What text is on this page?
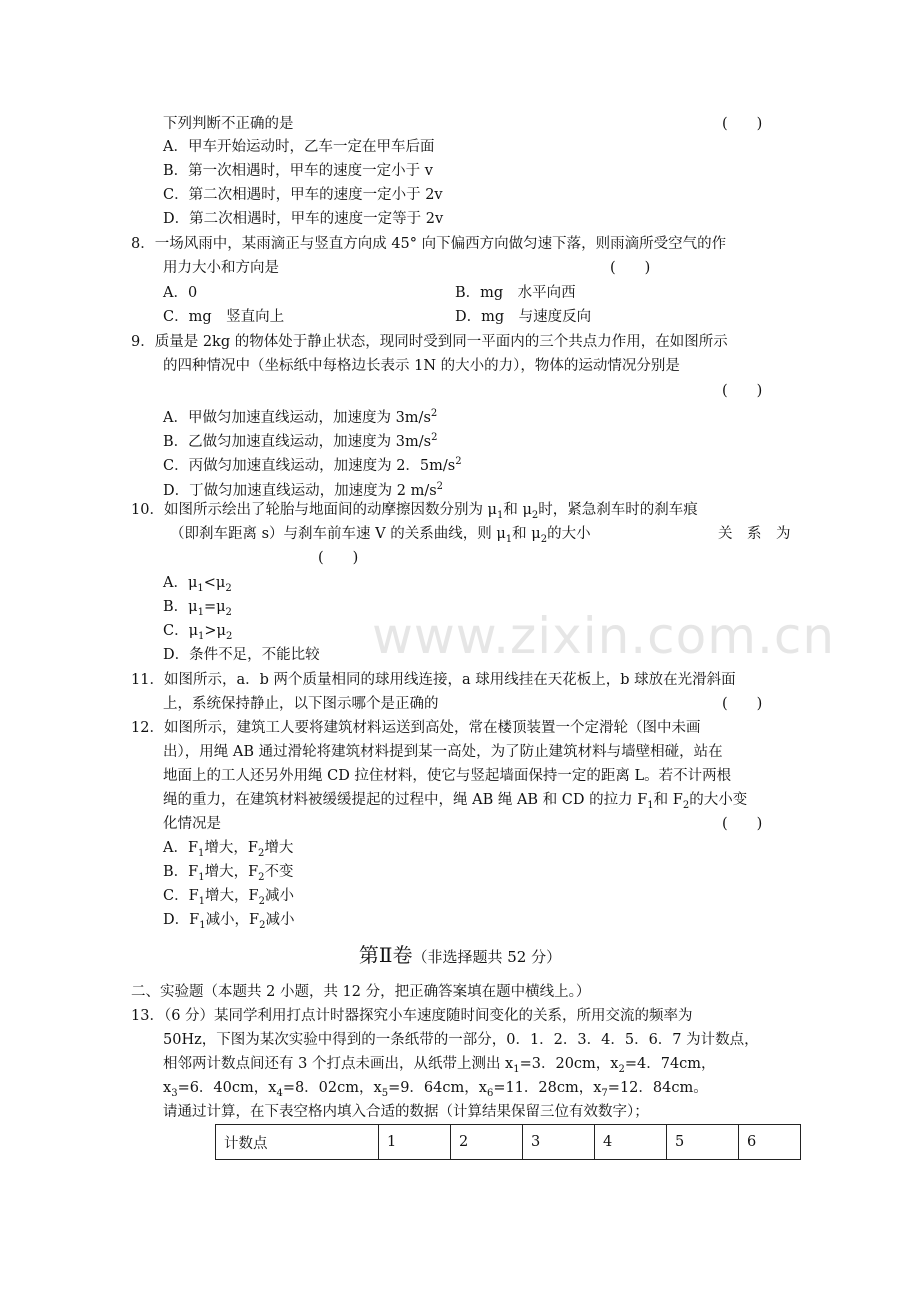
www.zixin.com.cn
下列判断不正确的是	(　　)
A．甲车开始运动时，乙车一定在甲车后面
B．第一次相遇时，甲车的速度一定小于 v
C．第二次相遇时，甲车的速度一定小于 2v
D．第二次相遇时，甲车的速度一定等于 2v
8．一场风雨中，某雨滴正与竖直方向成 45° 向下偏西方向做匀速下落，则雨滴所受空气的作
用力大小和方向是	(　　)
A．0	B．mg　水平向西
C．mg　竖直向上	D．mg　与速度反向
9．质量是 2kg 的物体处于静止状态，现同时受到同一平面内的三个共点力作用，在如图所示
的四种情况中（坐标纸中每格边长表示 1N 的大小的力），物体的运动情况分别是
(　　)
A．甲做匀加速直线运动，加速度为 $3m/s^2$
B．乙做匀加速直线运动，加速度为 $3m/s^2$
C．丙做匀加速直线运动，加速度为 2．$5m/s^2$
D．丁做匀加速直线运动，加速度为 2 $m/s^2$
10．如图所示绘出了轮胎与地面间的动摩擦因数分别为 $\mu_1$和 $\mu_2$时，紧急刹车时的刹车痕
（即刹车距离 s）与刹车前车速 V 的关系曲线，则 $\mu_1$和 $\mu_2$的大小	关　系　为
(　　)
A．$\mu_1<\mu_2$
B．$\mu_1=\mu_2$
C．$\mu_1>\mu_2$
D．条件不足，不能比较
11．如图所示，a．b 两个质量相同的球用线连接，a 球用线挂在天花板上，b 球放在光滑斜面
上，系统保持静止，以下图示哪个是正确的	(　　)
12．如图所示，建筑工人要将建筑材料运送到高处，常在楼顶装置一个定滑轮（图中未画
出），用绳 AB 通过滑轮将建筑材料提到某一高处，为了防止建筑材料与墙壁相碰，站在
地面上的工人还另外用绳 CD 拉住材料，使它与竖起墙面保持一定的距离 L。若不计两根
绳的重力，在建筑材料被缓缓提起的过程中，绳 AB 绳 AB 和 CD 的拉力 $F_1$和 $F_2$的大小变
化情况是	(　　)
A．$F_1$增大，$F_2$增大
B．$F_1$增大，$F_2$不变
C．$F_1$增大，$F_2$减小
D．$F_1$减小，$F_2$减小
第Ⅱ卷（非选择题共 52 分）
二、实验题（本题共 2 小题，共 12 分，把正确答案填在题中横线上。）
13．（6 分）某同学利用打点计时器探究小车速度随时间变化的关系，所用交流的频率为
50Hz，下图为某次实验中得到的一条纸带的一部分，0．1．2．3．4．5．6．7 为计数点，
相邻两计数点间还有 3 个打点未画出，从纸带上测出 $x_1=3$．20cm，$x_2=4$．74cm，
$x_3=6$．40cm，$x_4=8$．02cm，$x_5=9$．64cm，$x_6=11$．28cm，$x_7=12$．84cm。
请通过计算，在下表空格内填入合适的数据（计算结果保留三位有效数字）；
计数点	1	2	3	4	5	6
